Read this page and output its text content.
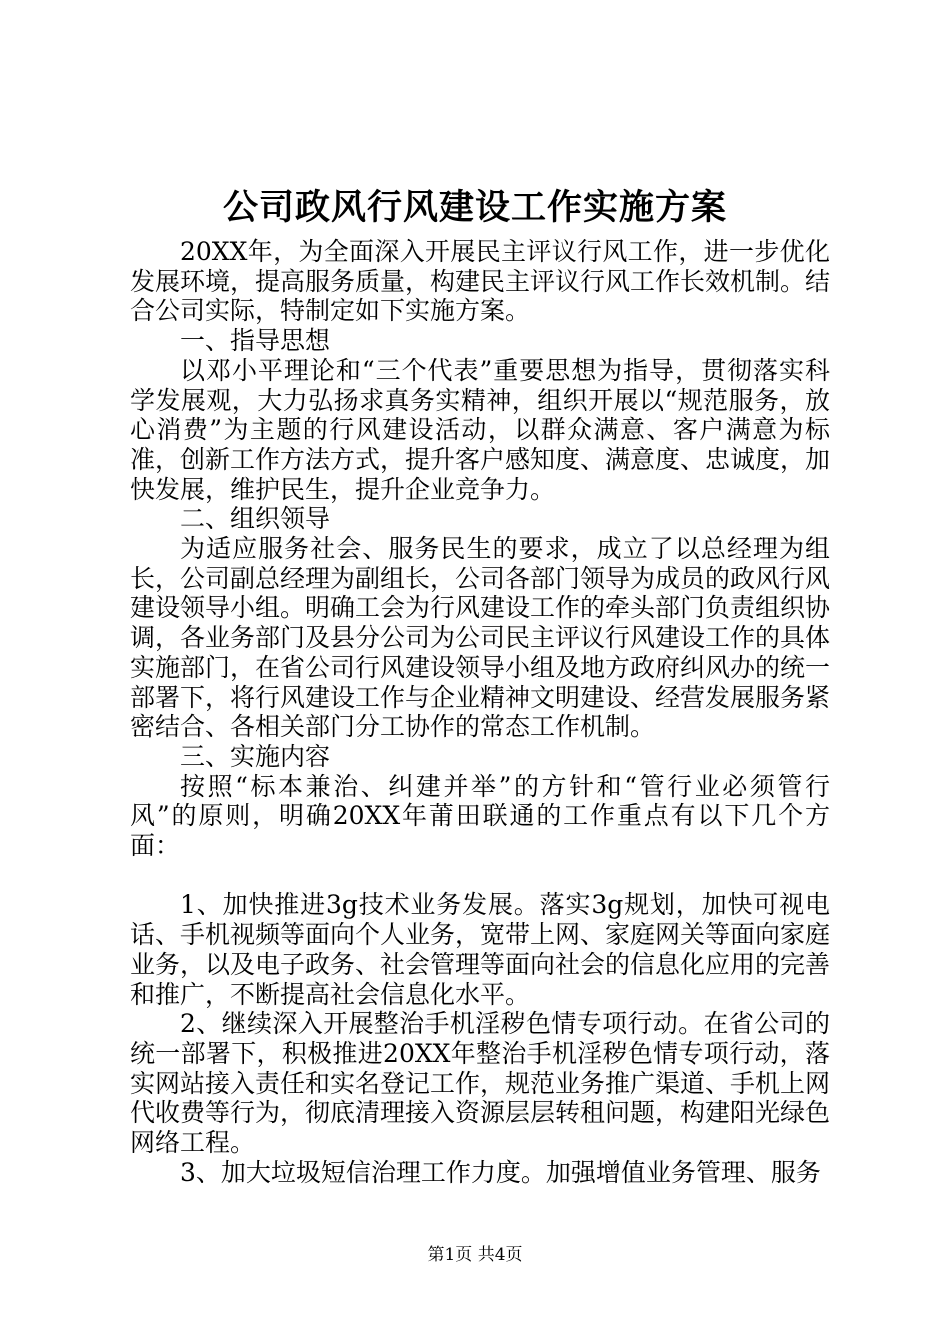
公司政风行风建设工作实施方案

20XX年，为全面深入开展民主评议行风工作，进一步优化发展环境，提高服务质量，构建民主评议行风工作长效机制。结合公司实际，特制定如下实施方案。

一、指导思想

以邓小平理论和“三个代表”重要思想为指导，贯彻落实科学发展观，大力弘扬求真务实精神，组织开展以“规范服务，放心消费”为主题的行风建设活动，以群众满意、客户满意为标准，创新工作方法方式，提升客户感知度、满意度、忠诚度，加快发展，维护民生，提升企业竞争力。

二、组织领导

为适应服务社会、服务民生的要求，成立了以总经理为组长，公司副总经理为副组长，公司各部门领导为成员的政风行风建设领导小组。明确工会为行风建设工作的牵头部门负责组织协调，各业务部门及县分公司为公司民主评议行风建设工作的具体实施部门，在省公司行风建设领导小组及地方政府纠风办的统一部署下，将行风建设工作与企业精神文明建设、经营发展服务紧密结合、各相关部门分工协作的常态工作机制。

三、实施内容

按照“标本兼治、纠建并举”的方针和“管行业必须管行风”的原则，明确20XX年莆田联通的工作重点有以下几个方面：

1、加快推进3g技术业务发展。落实3g规划，加快可视电话、手机视频等面向个人业务，宽带上网、家庭网关等面向家庭业务，以及电子政务、社会管理等面向社会的信息化应用的完善和推广，不断提高社会信息化水平。

2、继续深入开展整治手机淫秽色情专项行动。在省公司的统一部署下，积极推进20XX年整治手机淫秽色情专项行动，落实网站接入责任和实名登记工作，规范业务推广渠道、手机上网代收费等行为，彻底清理接入资源层层转租问题，构建阳光绿色网络工程。

3、加大垃圾短信治理工作力度。加强增值业务管理、服务

第1页 共4页
